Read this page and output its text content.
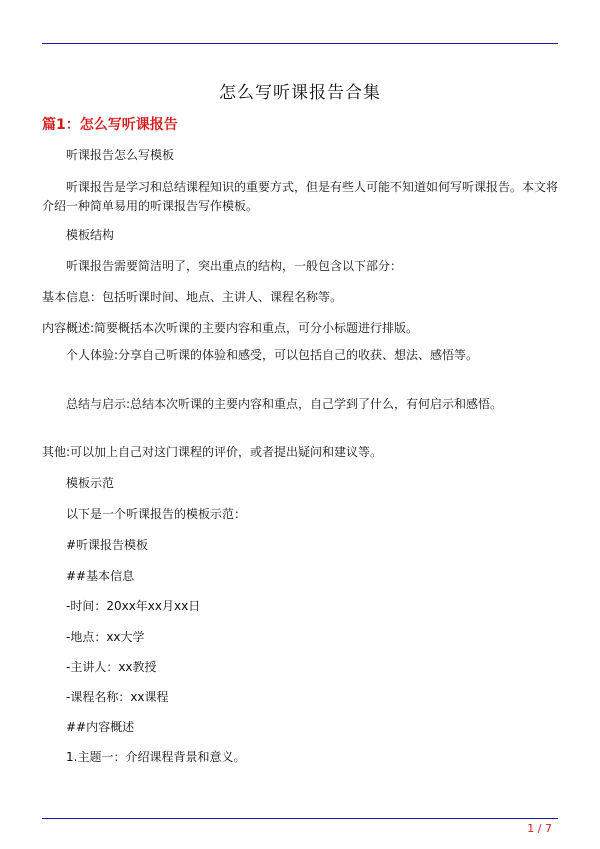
怎么写听课报告合集
篇1：怎么写听课报告
听课报告怎么写模板
听课报告是学习和总结课程知识的重要方式，但是有些人可能不知道如何写听课报告。本文将介绍一种简单易用的听课报告写作模板。
模板结构
听课报告需要简洁明了，突出重点的结构，一般包含以下部分：
基本信息：包括听课时间、地点、主讲人、课程名称等。
内容概述:简要概括本次听课的主要内容和重点，可分小标题进行排版。
个人体验:分享自己听课的体验和感受，可以包括自己的收获、想法、感悟等。
总结与启示:总结本次听课的主要内容和重点，自己学到了什么，有何启示和感悟。
其他:可以加上自己对这门课程的评价，或者提出疑问和建议等。
模板示范
以下是一个听课报告的模板示范：
#听课报告模板
##基本信息
-时间：20xx年xx月xx日
-地点：xx大学
-主讲人：xx教授
-课程名称：xx课程
##内容概述
1.主题一：介绍课程背景和意义。
1 / 7
